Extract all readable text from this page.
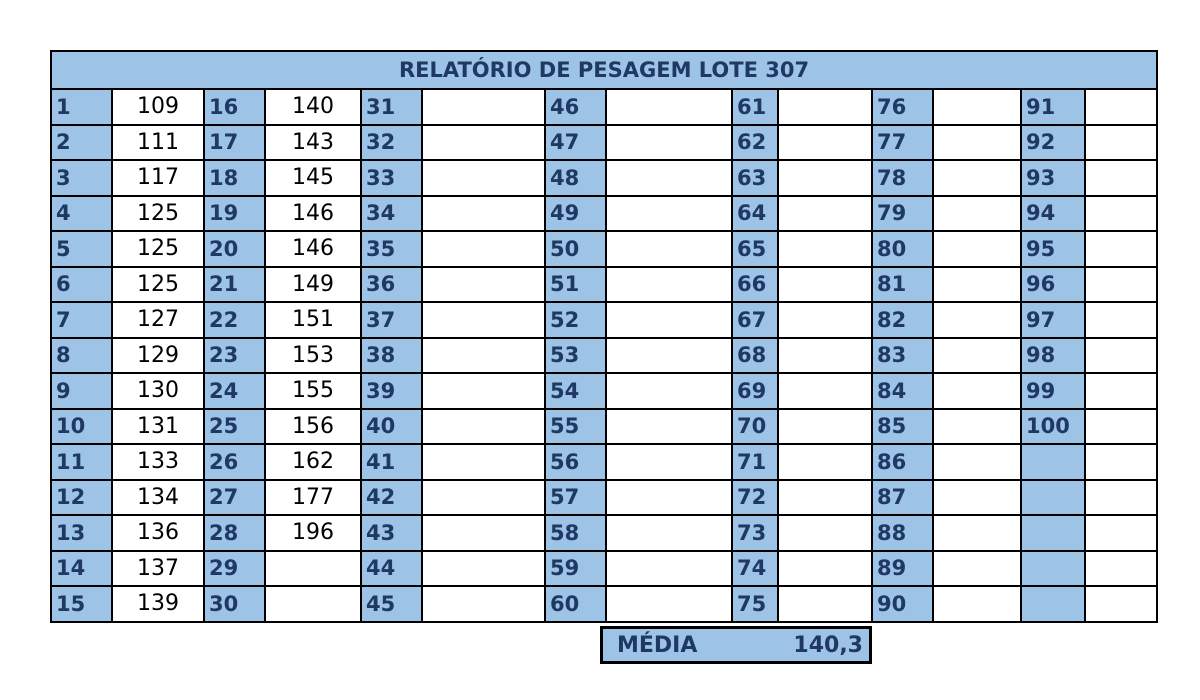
RELATÓRIO DE PESAGEM LOTE 307													
1	109	16	140	31		46		61		76		91	
2	111	17	143	32		47		62		77		92	
3	117	18	145	33		48		63		78		93	
4	125	19	146	34		49		64		79		94	
5	125	20	146	35		50		65		80		95	
6	125	21	149	36		51		66		81		96	
7	127	22	151	37		52		67		82		97	
8	129	23	153	38		53		68		83		98	
9	130	24	155	39		54		69		84		99	
10	131	25	156	40		55		70		85		100	
11	133	26	162	41		56		71		86			
12	134	27	177	42		57		72		87			
13	136	28	196	43		58		73		88			
14	137	29		44		59		74		89			
15	139	30		45		60		75		90			
MÉDIA	140,3
